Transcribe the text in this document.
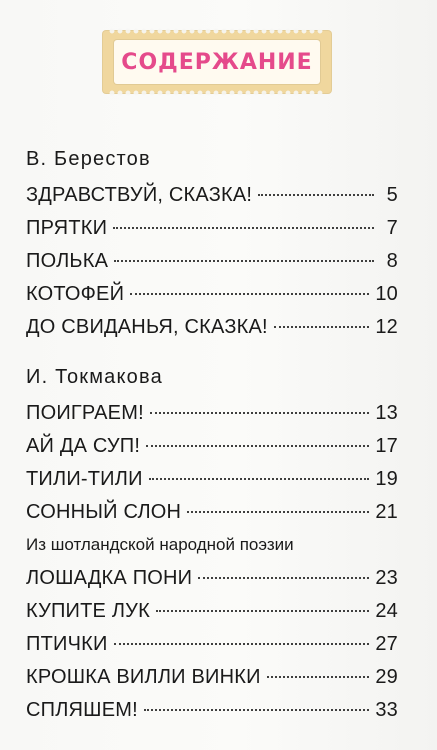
СОДЕРЖАНИЕ
В. Берестов
ЗДРАВСТВУЙ, СКАЗКА!	5
ПРЯТКИ	7
ПОЛЬКА	8
КОТОФЕЙ	10
ДО СВИДАНЬЯ, СКАЗКА!	12
И. Токмакова
ПОИГРАЕМ!	13
АЙ ДА СУП!	17
ТИЛИ-ТИЛИ	19
СОННЫЙ СЛОН	21
Из шотландской народной поэзии
ЛОШАДКА ПОНИ	23
КУПИТЕ ЛУК	24
ПТИЧКИ	27
КРОШКА ВИЛЛИ ВИНКИ	29
СПЛЯШЕМ!	33
